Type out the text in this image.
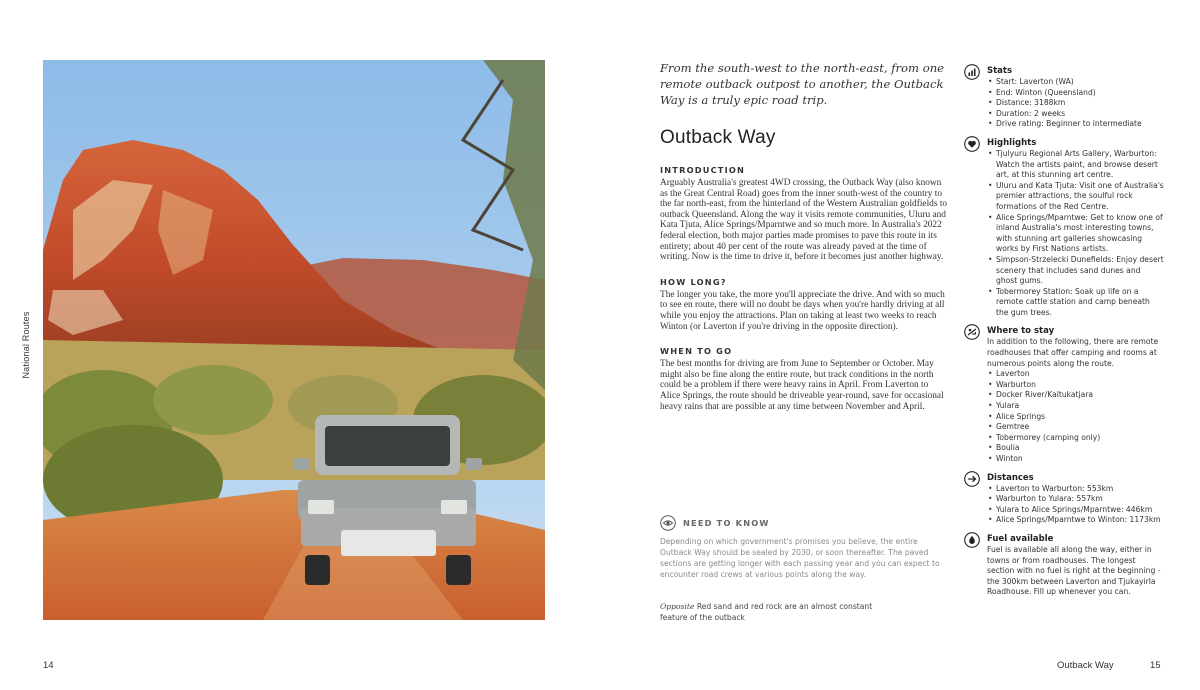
National Routes
14

From the south-west to the north-east, from one remote outback outpost to another, the Outback Way is a truly epic road trip.

Outback Way
INTRODUCTION

Arguably Australia's greatest 4WD crossing, the Outback Way (also known as the Great Central Road) goes from the inner south-west of the country to the far north-east, from the hinterland of the Western Australian goldfields to outback Queensland. Along the way it visits remote communities, Uluru and Kata Tjuta, Alice Springs/Mparntwe and so much more. In Australia's 2022 federal election, both major parties made promises to pave this route in its entirety; about 40 per cent of the route was already paved at the time of writing. Now is the time to drive it, before it becomes just another highway.

HOW LONG?

The longer you take, the more you'll appreciate the drive. And with so much to see en route, there will no doubt be days when you're hardly driving at all while you enjoy the attractions. Plan on taking at least two weeks to reach Winton (or Laverton if you're driving in the opposite direction).

WHEN TO GO

The best months for driving are from June to September or October. May might also be fine along the entire route, but track conditions in the north could be a problem if there were heavy rains in April. From Laverton to Alice Springs, the route should be driveable year-round, save for occasional heavy rains that are possible at any time between November and April.

NEED TO KNOW

Depending on which government's promises you believe, the entire Outback Way should be sealed by 2030, or soon thereafter. The paved sections are getting longer with each passing year and you can expect to encounter road crews at various points along the way.

Opposite Red sand and red rock are an almost constant feature of the outback

Stats
• Start: Laverton (WA)
• End: Winton (Queensland)
• Distance: 3188km
• Duration: 2 weeks
• Drive rating: Beginner to intermediate
Highlights
• Tjulyuru Regional Arts Gallery, Warburton: Watch the artists paint, and browse desert art, at this stunning art centre.
• Uluru and Kata Tjuta: Visit one of Australia's premier attractions, the soulful rock formations of the Red Centre.
• Alice Springs/Mparntwe: Get to know one of inland Australia's most interesting towns, with stunning art galleries showcasing works by First Nations artists.
• Simpson-Strzelecki Dunefields: Enjoy desert scenery that includes sand dunes and ghost gums.
• Tobermorey Station: Soak up life on a remote cattle station and camp beneath the gum trees.
Where to stay

In addition to the following, there are remote roadhouses that offer camping and rooms at numerous points along the route.

• Laverton
• Warburton
• Docker River/Kaltukatjara
• Yulara
• Alice Springs
• Gemtree
• Tobermorey (camping only)
• Boulia
• Winton
Distances
• Laverton to Warburton: 553km
• Warburton to Yulara: 557km
• Yulara to Alice Springs/Mparntwe: 446km
• Alice Springs/Mparntwe to Winton: 1173km
Fuel available

Fuel is available all along the way, either in towns or from roadhouses. The longest section with no fuel is right at the beginning - the 300km between Laverton and Tjukayirla Roadhouse. Fill up whenever you can.

Outback Way	15
